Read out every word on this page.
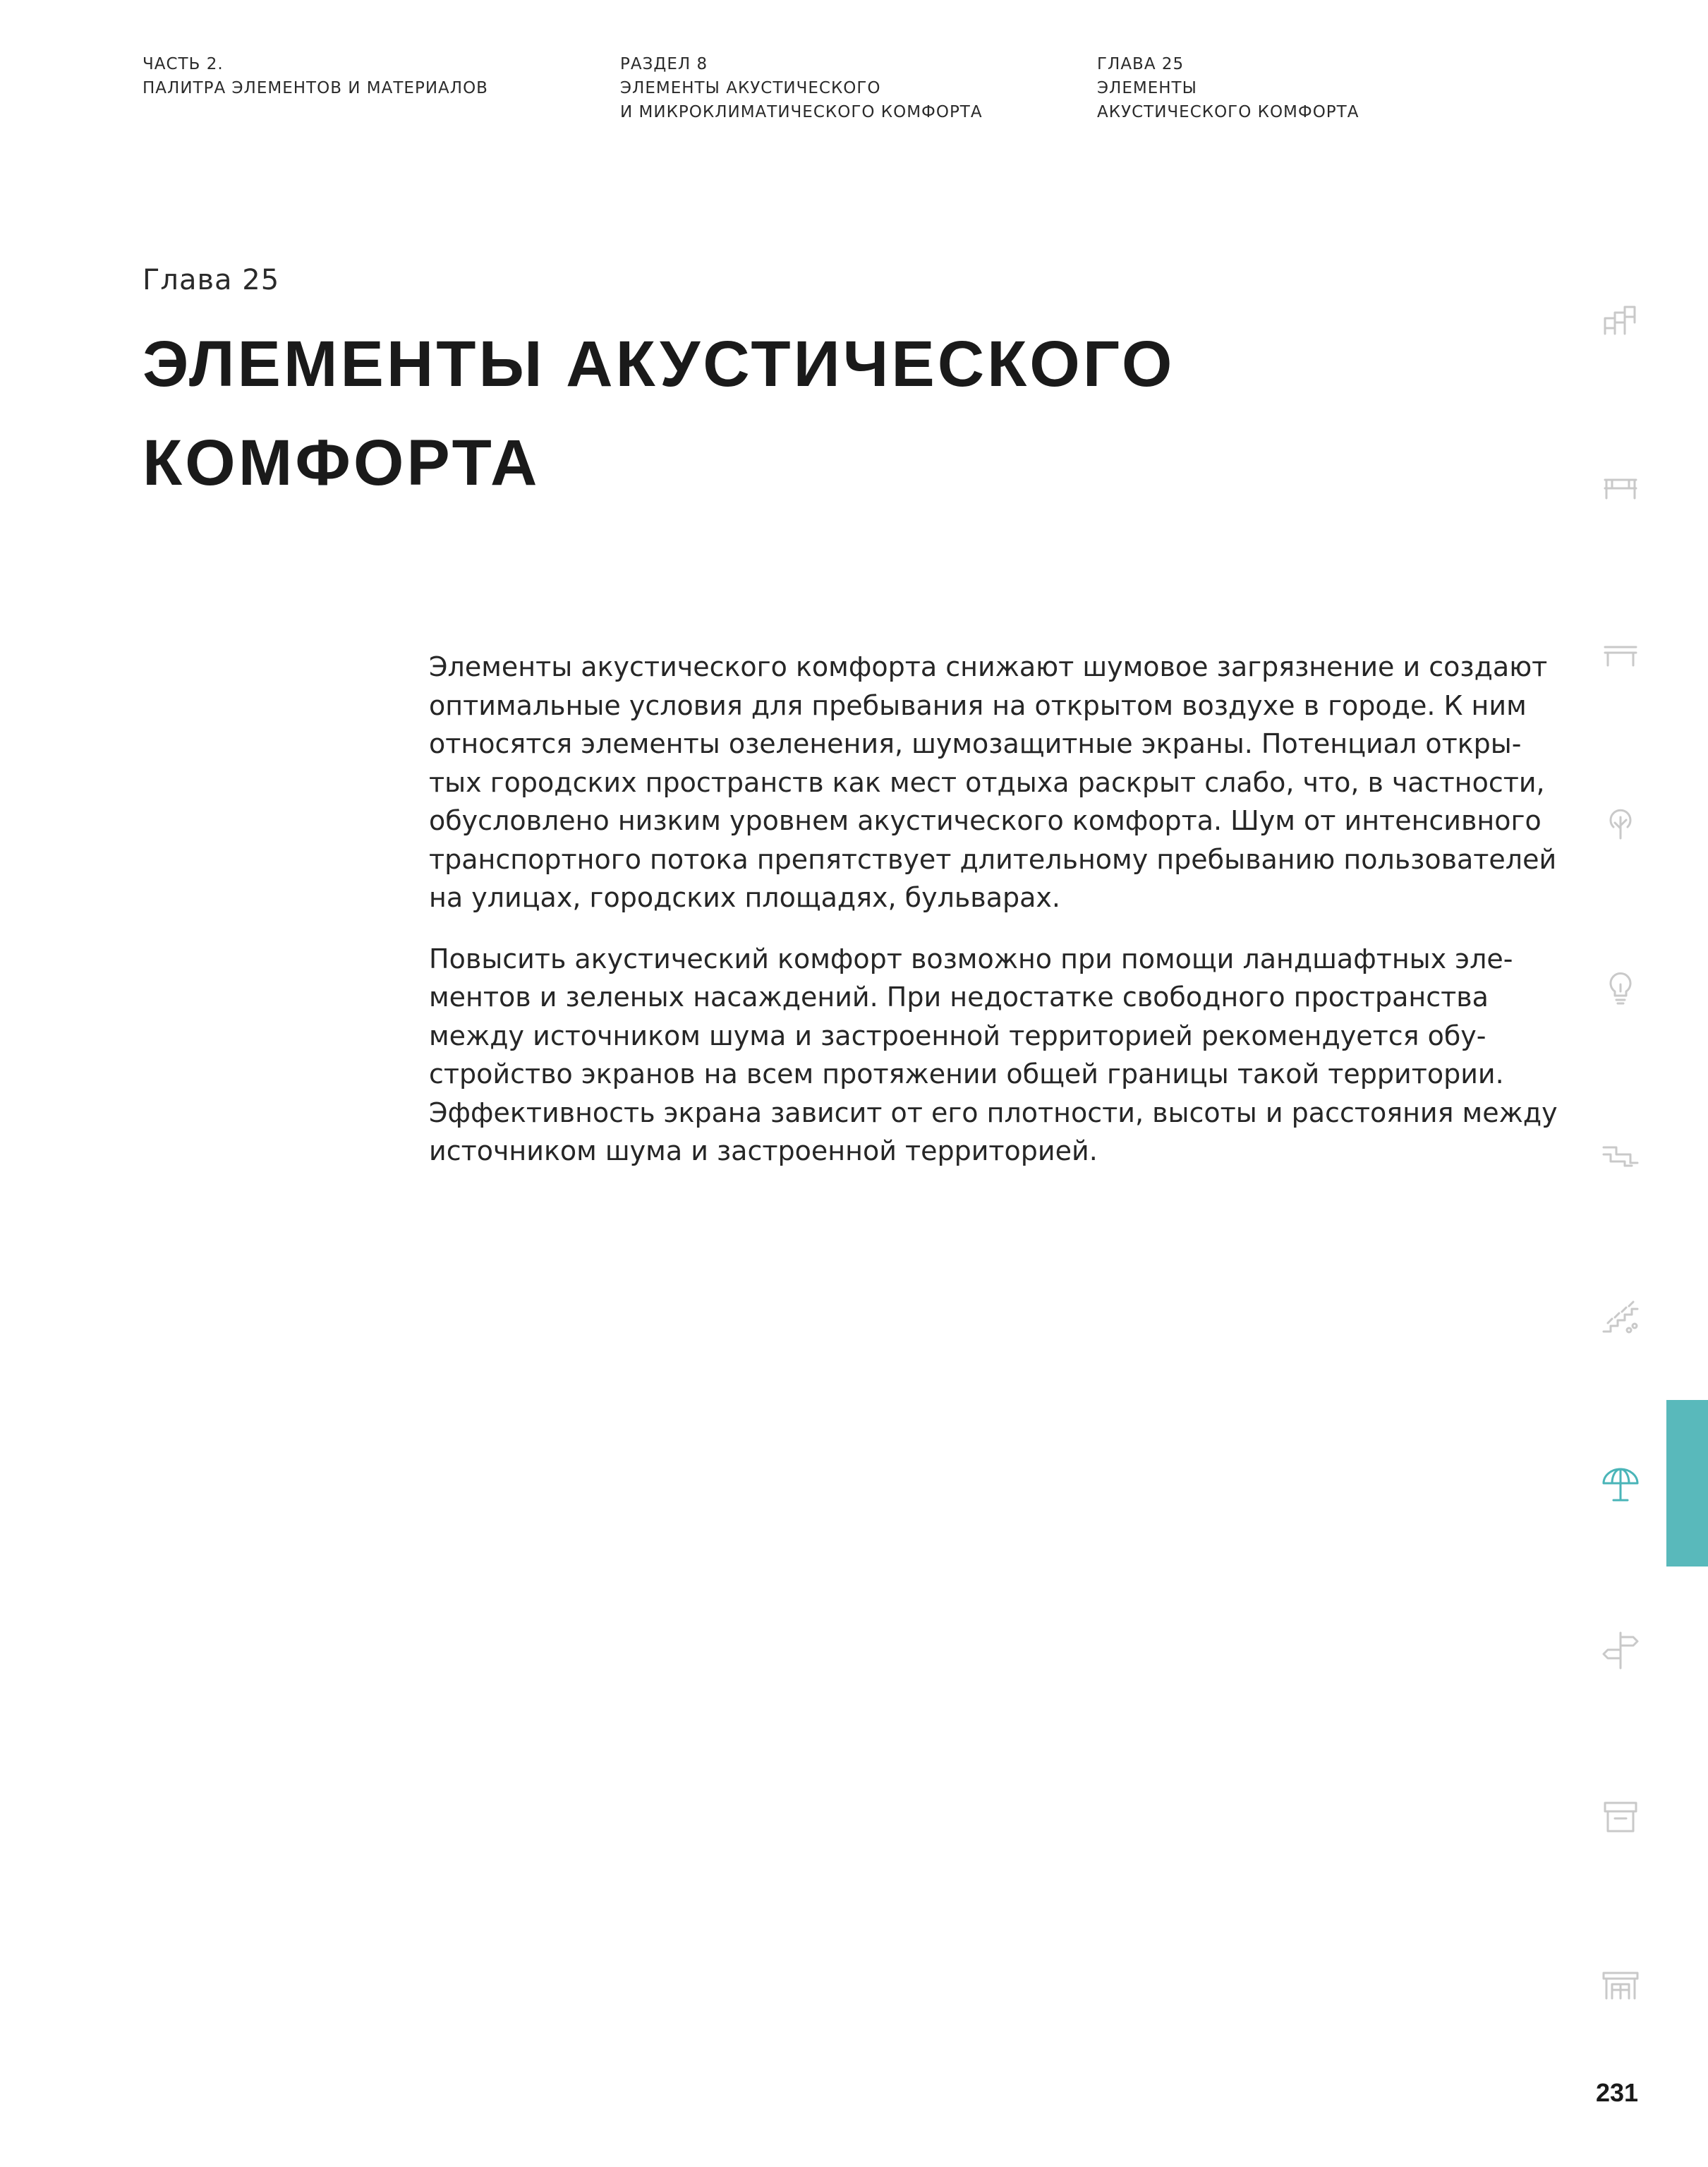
ЧАСТЬ 2.
ПАЛИТРА ЭЛЕМЕНТОВ И МАТЕРИАЛОВ
РАЗДЕЛ 8
ЭЛЕМЕНТЫ АКУСТИЧЕСКОГО
И МИКРОКЛИМАТИЧЕСКОГО КОМФОРТА
ГЛАВА 25
ЭЛЕМЕНТЫ
АКУСТИЧЕСКОГО КОМФОРТА
Глава 25
ЭЛЕМЕНТЫ АКУСТИЧЕСКОГО
КОМФОРТА

Элементы акустического комфорта снижают шумовое загрязнение и создают
оптимальные условия для пребывания на открытом воздухе в городе. К ним
относятся элементы озеленения, шумозащитные экраны. Потенциал откры-
тых городских пространств как мест отдыха раскрыт слабо, что, в частности,
обусловлено низким уровнем акустического комфорта. Шум от интенсивного
транспортного потока препятствует длительному пребыванию пользователей
на улицах, городских площадях, бульварах.

Повысить акустический комфорт возможно при помощи ландшафтных эле-
ментов и зеленых насаждений. При недостатке свободного пространства
между источником шума и застроенной территорией рекомендуется обу-
стройство экранов на всем протяжении общей границы такой территории.
Эффективность экрана зависит от его плотности, высоты и расстояния между
источником шума и застроенной территорией.

231
